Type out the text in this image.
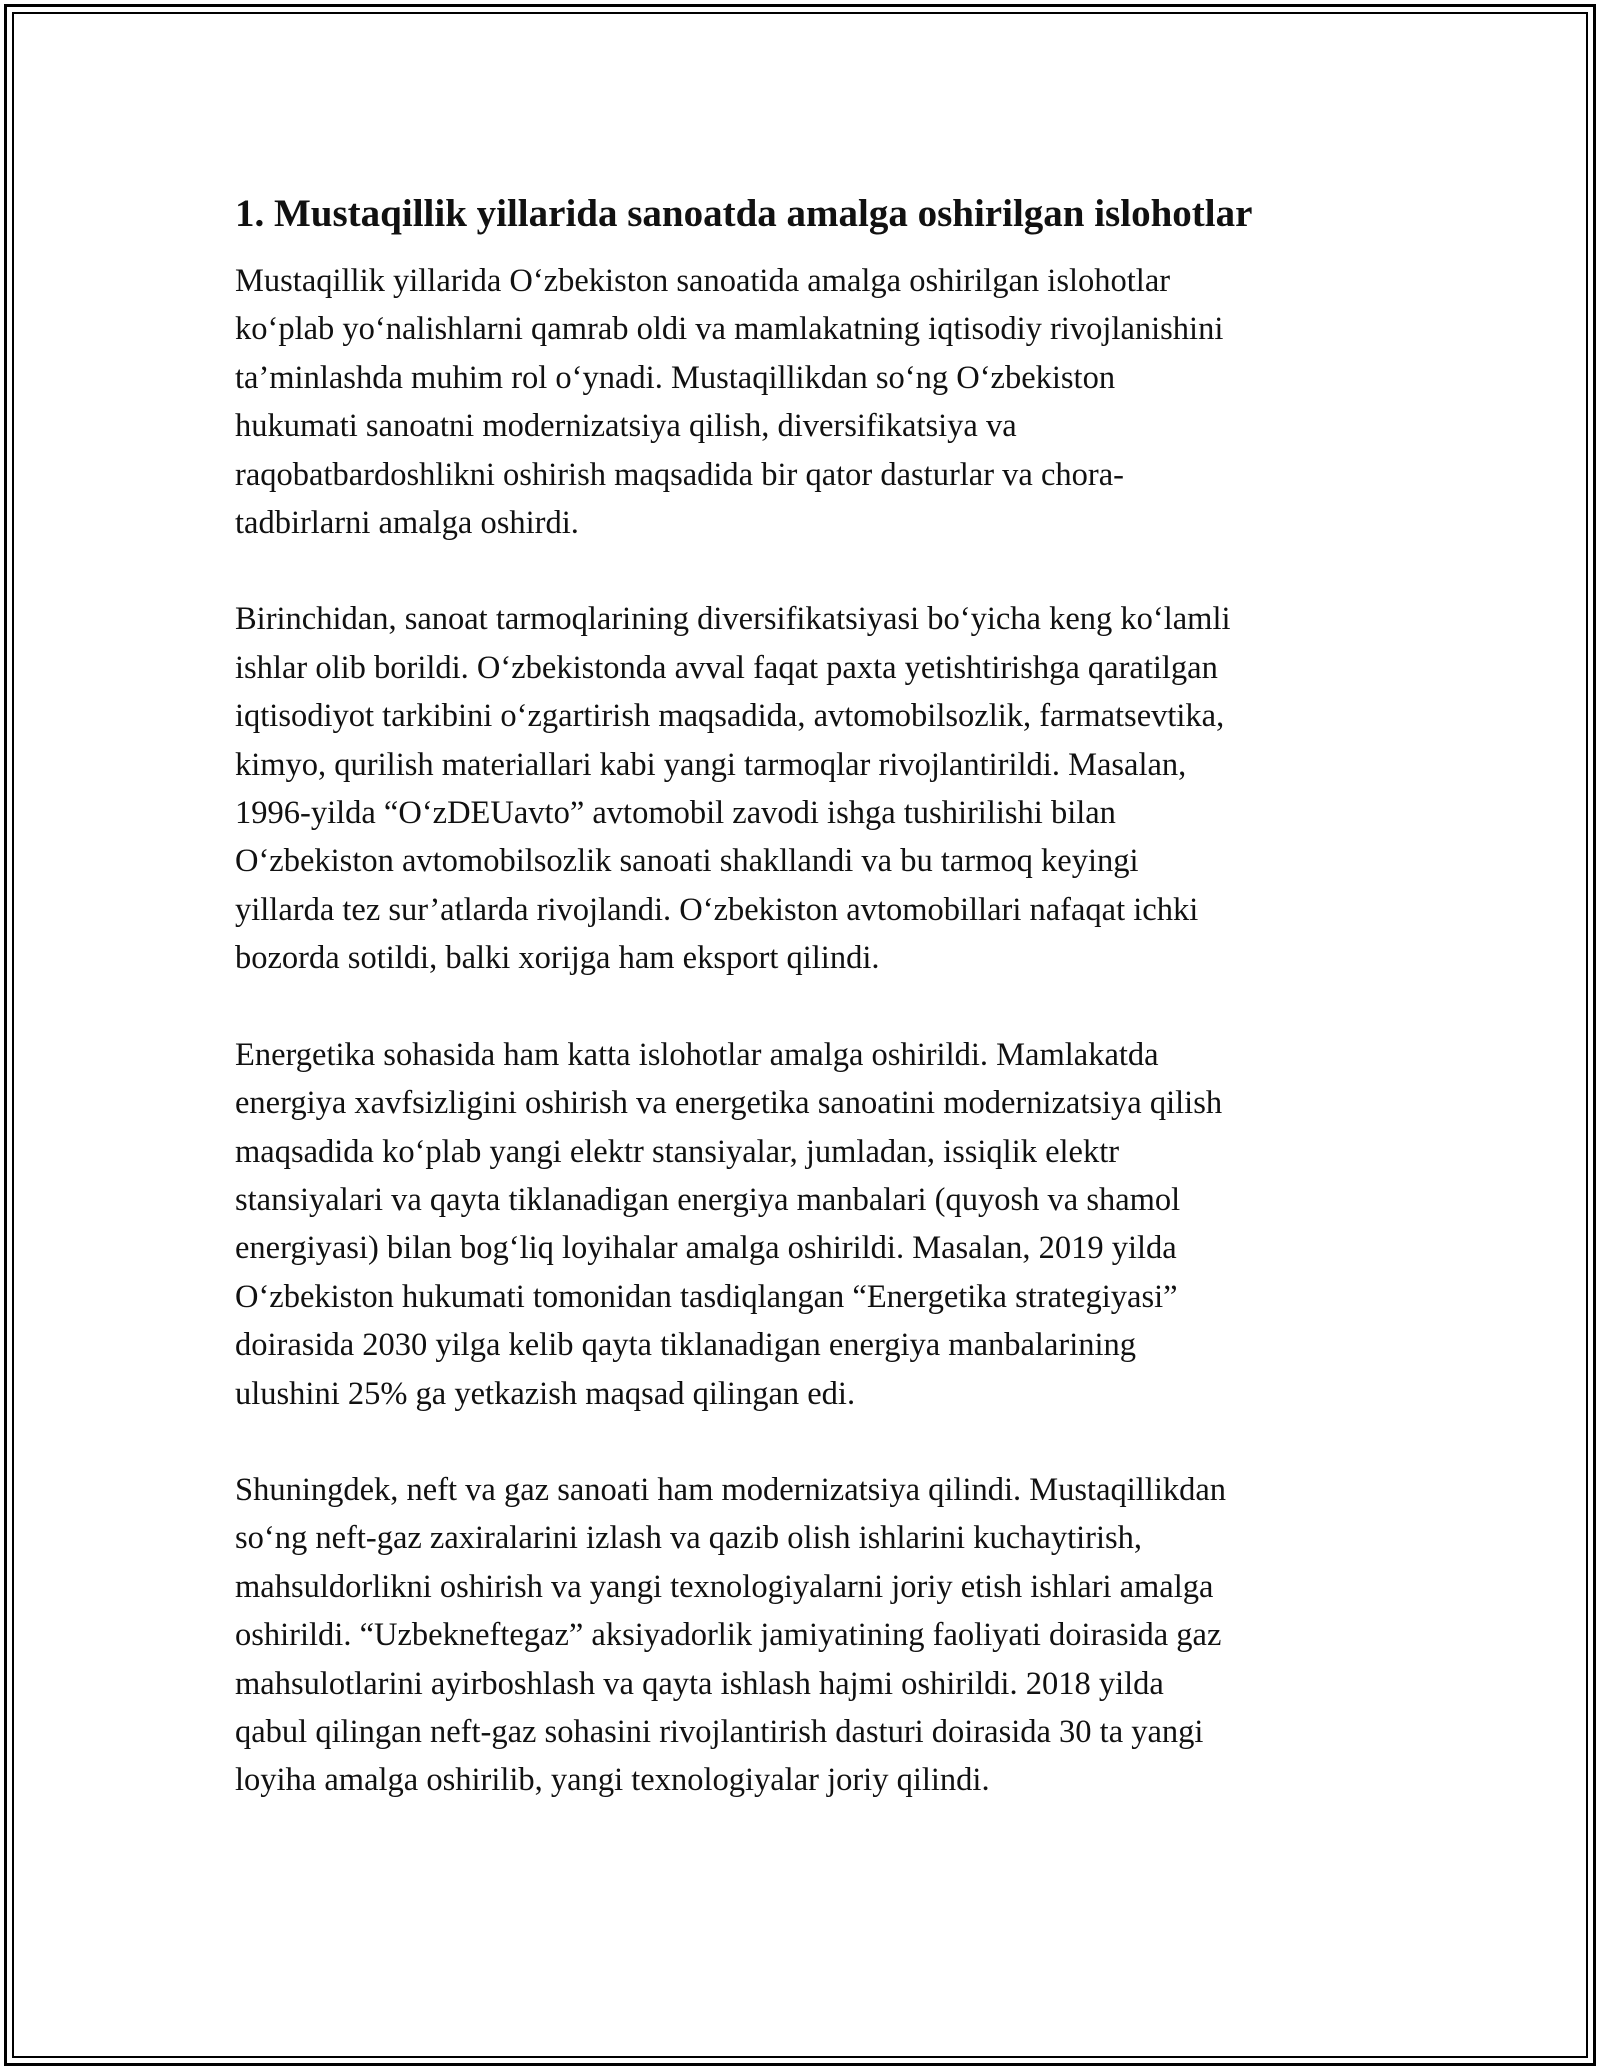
1. Mustaqillik yillarida sanoatda amalga oshirilgan islohotlar

Mustaqillik yillarida O‘zbekiston sanoatida amalga oshirilgan islohotlar
ko‘plab yo‘nalishlarni qamrab oldi va mamlakatning iqtisodiy rivojlanishini
ta’minlashda muhim rol o‘ynadi. Mustaqillikdan so‘ng O‘zbekiston
hukumati sanoatni modernizatsiya qilish, diversifikatsiya va
raqobatbardoshlikni oshirish maqsadida bir qator dasturlar va chora-
tadbirlarni amalga oshirdi.

Birinchidan, sanoat tarmoqlarining diversifikatsiyasi bo‘yicha keng ko‘lamli
ishlar olib borildi. O‘zbekistonda avval faqat paxta yetishtirishga qaratilgan
iqtisodiyot tarkibini o‘zgartirish maqsadida, avtomobilsozlik, farmatsevtika,
kimyo, qurilish materiallari kabi yangi tarmoqlar rivojlantirildi. Masalan,
1996-yilda “O‘zDEUavto” avtomobil zavodi ishga tushirilishi bilan
O‘zbekiston avtomobilsozlik sanoati shakllandi va bu tarmoq keyingi
yillarda tez sur’atlarda rivojlandi. O‘zbekiston avtomobillari nafaqat ichki
bozorda sotildi, balki xorijga ham eksport qilindi.

Energetika sohasida ham katta islohotlar amalga oshirildi. Mamlakatda
energiya xavfsizligini oshirish va energetika sanoatini modernizatsiya qilish
maqsadida ko‘plab yangi elektr stansiyalar, jumladan, issiqlik elektr
stansiyalari va qayta tiklanadigan energiya manbalari (quyosh va shamol
energiyasi) bilan bog‘liq loyihalar amalga oshirildi. Masalan, 2019 yilda
O‘zbekiston hukumati tomonidan tasdiqlangan “Energetika strategiyasi”
doirasida 2030 yilga kelib qayta tiklanadigan energiya manbalarining
ulushini 25% ga yetkazish maqsad qilingan edi.

Shuningdek, neft va gaz sanoati ham modernizatsiya qilindi. Mustaqillikdan
so‘ng neft-gaz zaxiralarini izlash va qazib olish ishlarini kuchaytirish,
mahsuldorlikni oshirish va yangi texnologiyalarni joriy etish ishlari amalga
oshirildi. “Uzbekneftegaz” aksiyadorlik jamiyatining faoliyati doirasida gaz
mahsulotlarini ayirboshlash va qayta ishlash hajmi oshirildi. 2018 yilda
qabul qilingan neft-gaz sohasini rivojlantirish dasturi doirasida 30 ta yangi
loyiha amalga oshirilib, yangi texnologiyalar joriy qilindi.
